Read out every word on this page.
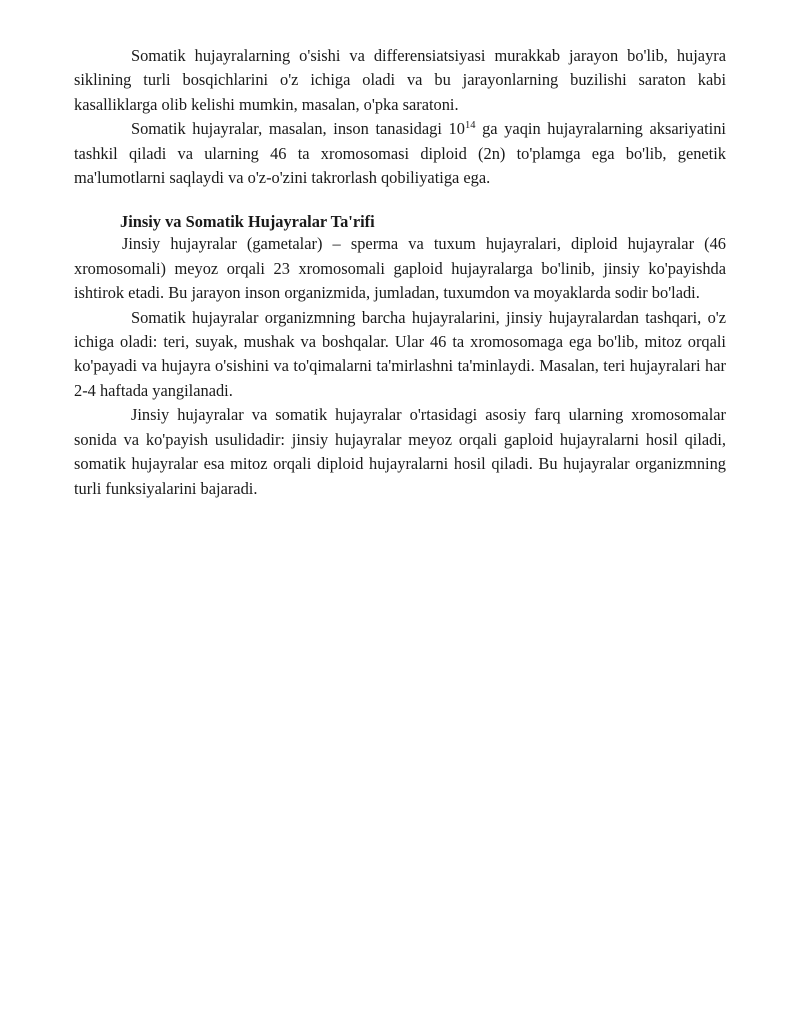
Somatik hujayralarning o'sishi va differensiatsiyasi murakkab jarayon bo'lib, hujayra siklining turli bosqichlarini o'z ichiga oladi va bu jarayonlarning buzilishi saraton kabi kasalliklarga olib kelishi mumkin, masalan, o'pka saratoni.

Somatik hujayralar, masalan, inson tanasidagi $10^{14}$ ga yaqin hujayralarning aksariyatini tashkil qiladi va ularning 46 ta xromosomasi diploid (2n) to'plamga ega bo'lib, genetik ma'lumotlarni saqlaydi va o'z-o'zini takrorlash qobiliyatiga ega.

Jinsiy va Somatik Hujayralar Ta'rifi

Jinsiy hujayralar (gametalar) – sperma va tuxum hujayralari, diploid hujayralar (46 xromosomali) meyoz orqali 23 xromosomali gaploid hujayralarga bo'linib, jinsiy ko'payishda ishtirok etadi. Bu jarayon inson organizmida, jumladan, tuxumdon va moyaklarda sodir bo'ladi.

Somatik hujayralar organizmning barcha hujayralarini, jinsiy hujayralardan tashqari, o'z ichiga oladi: teri, suyak, mushak va boshqalar. Ular 46 ta xromosomaga ega bo'lib, mitoz orqali ko'payadi va hujayra o'sishini va to'qimalarni ta'mirlashni ta'minlaydi. Masalan, teri hujayralari har 2-4 haftada yangilanadi.

Jinsiy hujayralar va somatik hujayralar o'rtasidagi asosiy farq ularning xromosomalar sonida va ko'payish usulidadir: jinsiy hujayralar meyoz orqali gaploid hujayralarni hosil qiladi, somatik hujayralar esa mitoz orqali diploid hujayralarni hosil qiladi. Bu hujayralar organizmning turli funksiyalarini bajaradi.
